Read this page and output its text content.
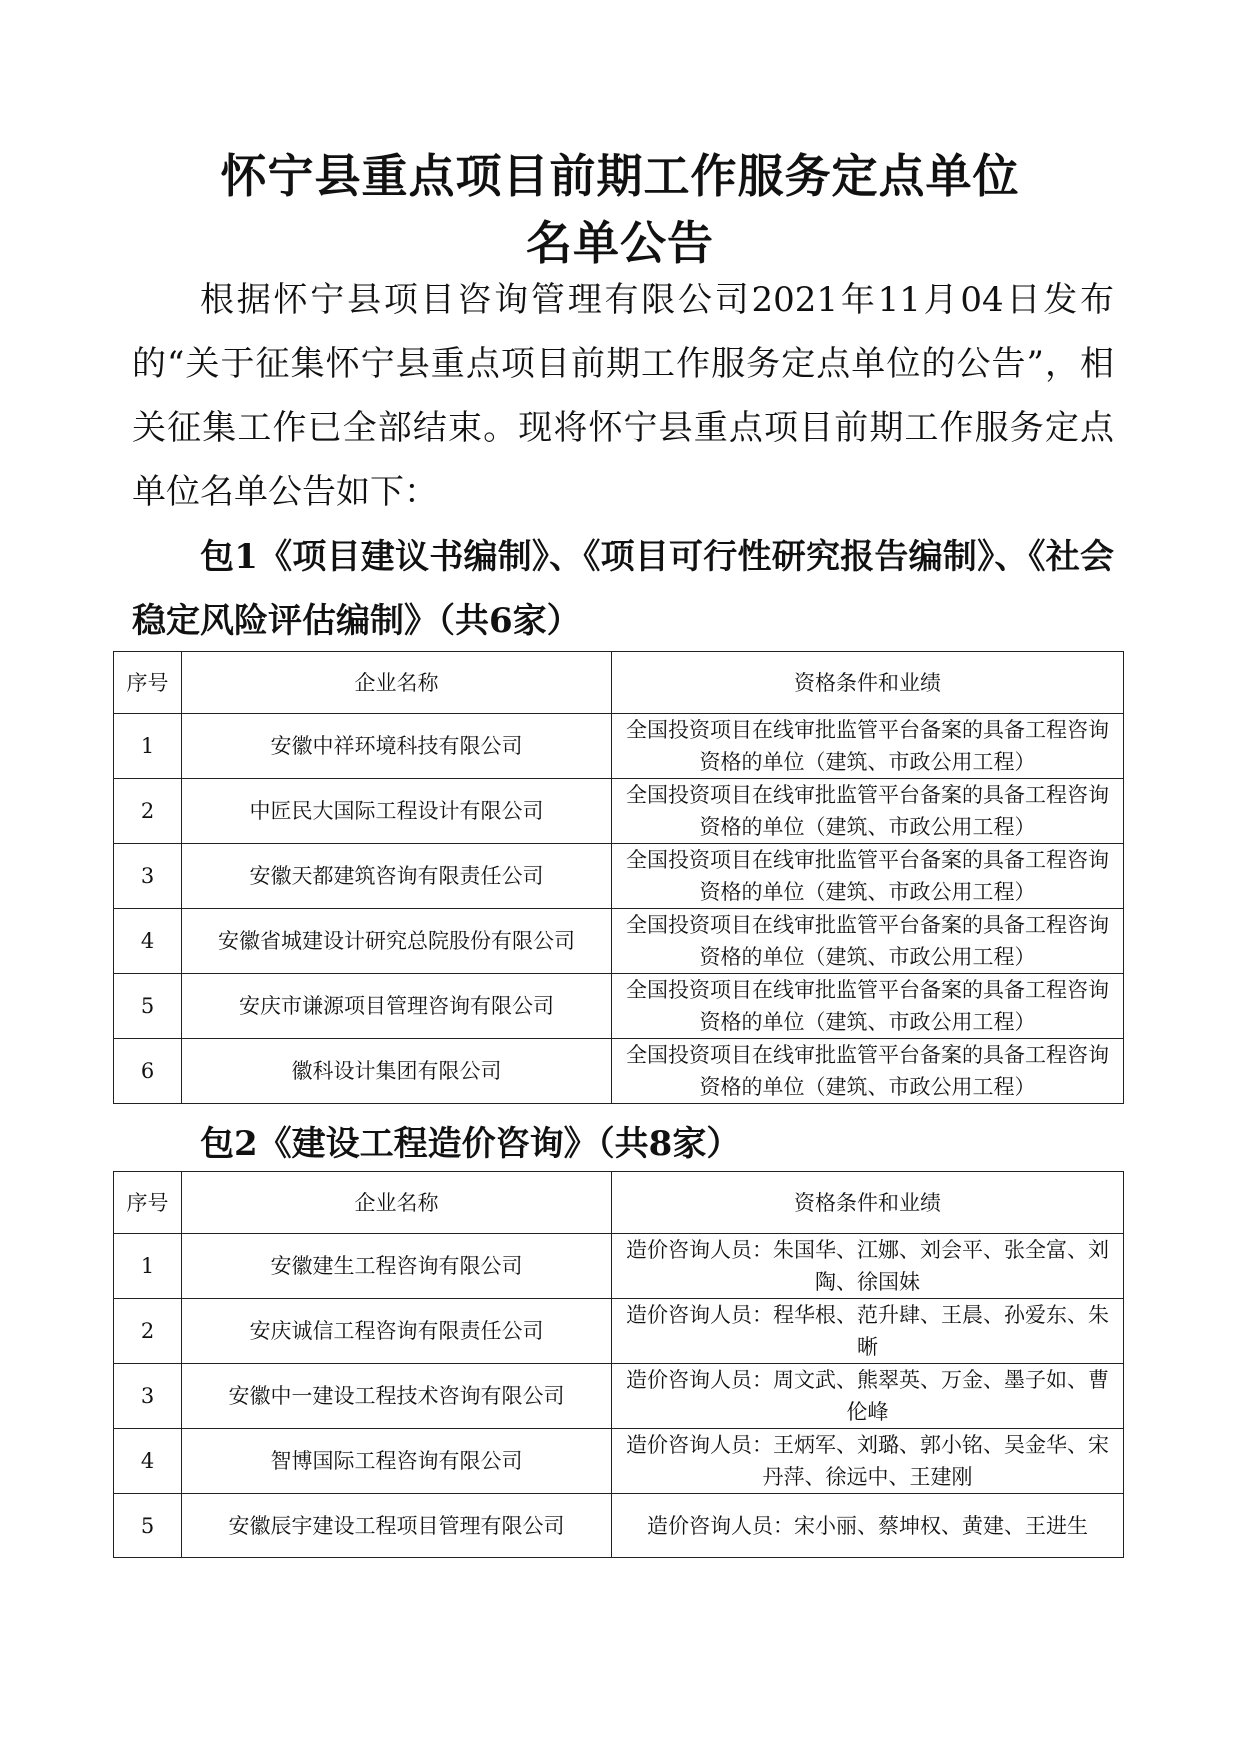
怀宁县重点项目前期工作服务定点单位
名单公告

根据怀宁县项目咨询管理有限公司2021年11月04日发布的“关于征集怀宁县重点项目前期工作服务定点单位的公告”，相关征集工作已全部结束。现将怀宁县重点项目前期工作服务定点单位名单公告如下：

包1《项目建议书编制》、《项目可行性研究报告编制》、《社会稳定风险评估编制》（共6家）

序号	企业名称	资格条件和业绩
1	安徽中祥环境科技有限公司	全国投资项目在线审批监管平台备案的具备工程咨询资格的单位（建筑、市政公用工程）
2	中匠民大国际工程设计有限公司	全国投资项目在线审批监管平台备案的具备工程咨询资格的单位（建筑、市政公用工程）
3	安徽天都建筑咨询有限责任公司	全国投资项目在线审批监管平台备案的具备工程咨询资格的单位（建筑、市政公用工程）
4	安徽省城建设计研究总院股份有限公司	全国投资项目在线审批监管平台备案的具备工程咨询资格的单位（建筑、市政公用工程）
5	安庆市谦源项目管理咨询有限公司	全国投资项目在线审批监管平台备案的具备工程咨询资格的单位（建筑、市政公用工程）
6	徽科设计集团有限公司	全国投资项目在线审批监管平台备案的具备工程咨询资格的单位（建筑、市政公用工程）

包2《建设工程造价咨询》（共8家）

序号	企业名称	资格条件和业绩
1	安徽建生工程咨询有限公司	造价咨询人员：朱国华、江娜、刘会平、张全富、刘陶、徐国妹
2	安庆诚信工程咨询有限责任公司	造价咨询人员：程华根、范升肆、王晨、孙爱东、朱晰
3	安徽中一建设工程技术咨询有限公司	造价咨询人员：周文武、熊翠英、万金、墨子如、曹伦峰
4	智博国际工程咨询有限公司	造价咨询人员：王炳军、刘璐、郭小铭、吴金华、宋丹萍、徐远中、王建刚
5	安徽辰宇建设工程项目管理有限公司	造价咨询人员：宋小丽、蔡坤权、黄建、王进生
